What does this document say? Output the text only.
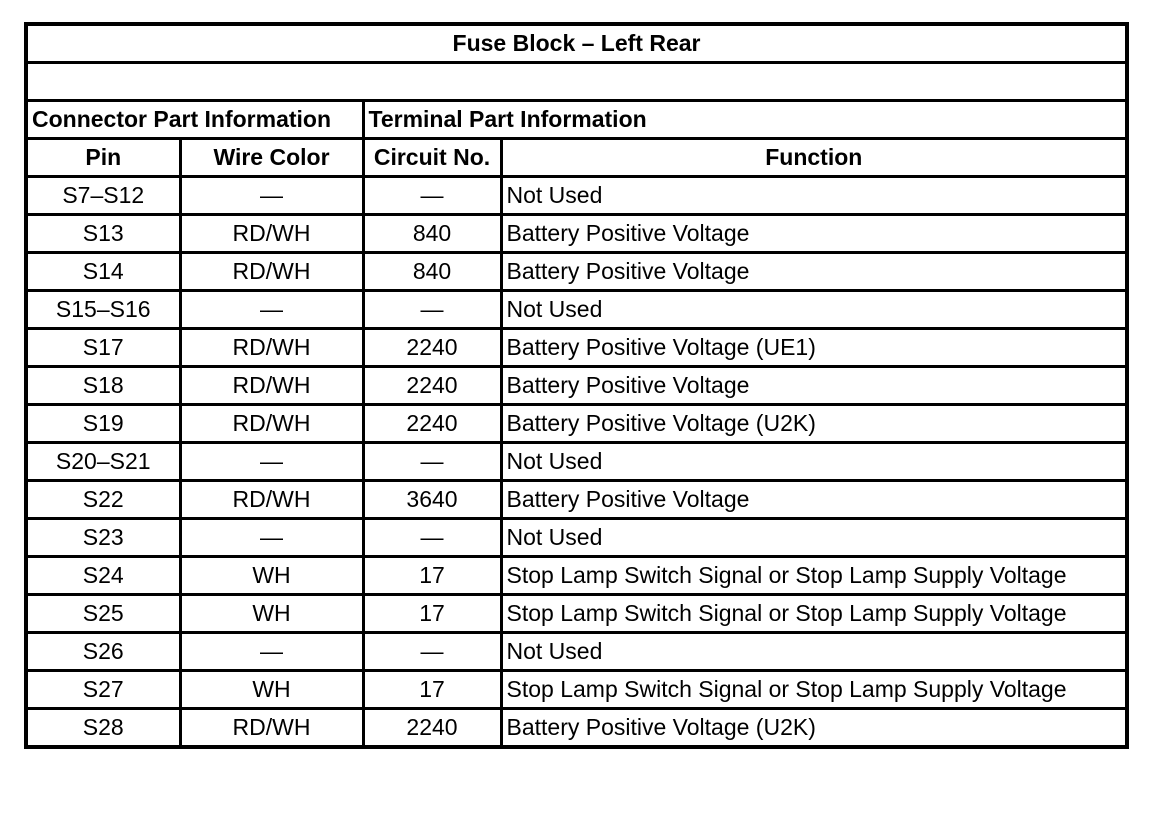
Fuse Block – Left Rear			

Connector Part Information		Terminal Part Information	
Pin	Wire Color	Circuit No.	Function
S7–S12	—	—	Not Used
S13	RD/WH	840	Battery Positive Voltage
S14	RD/WH	840	Battery Positive Voltage
S15–S16	—	—	Not Used
S17	RD/WH	2240	Battery Positive Voltage (UE1)
S18	RD/WH	2240	Battery Positive Voltage
S19	RD/WH	2240	Battery Positive Voltage (U2K)
S20–S21	—	—	Not Used
S22	RD/WH	3640	Battery Positive Voltage
S23	—	—	Not Used
S24	WH	17	Stop Lamp Switch Signal or Stop Lamp Supply Voltage
S25	WH	17	Stop Lamp Switch Signal or Stop Lamp Supply Voltage
S26	—	—	Not Used
S27	WH	17	Stop Lamp Switch Signal or Stop Lamp Supply Voltage
S28	RD/WH	2240	Battery Positive Voltage (U2K)
